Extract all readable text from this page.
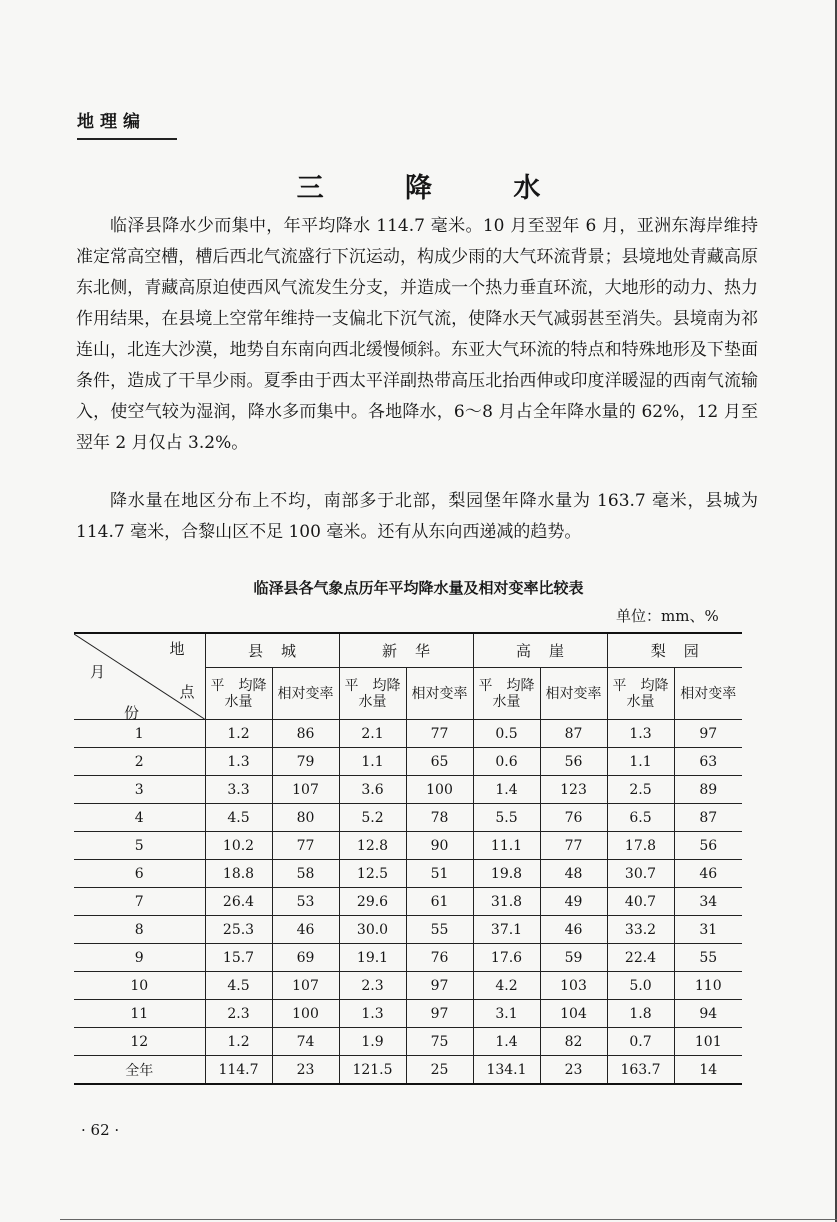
地理编
三 降 水

临泽县降水少而集中，年平均降水 114.7 毫米。10 月至翌年 6 月，亚洲东海岸维持准定常高空槽，槽后西北气流盛行下沉运动，构成少雨的大气环流背景；县境地处青藏高原东北侧，青藏高原迫使西风气流发生分支，并造成一个热力垂直环流，大地形的动力、热力作用结果，在县境上空常年维持一支偏北下沉气流，使降水天气减弱甚至消失。县境南为祁连山，北连大沙漠，地势自东南向西北缓慢倾斜。东亚大气环流的特点和特殊地形及下垫面条件，造成了干旱少雨。夏季由于西太平洋副热带高压北抬西伸或印度洋暖湿的西南气流输入，使空气较为湿润，降水多而集中。各地降水，6～8 月占全年降水量的 62%，12 月至翌年 2 月仅占 3.2%。

降水量在地区分布上不均，南部多于北部，梨园堡年降水量为 163.7 毫米，县城为 114.7 毫米，合黎山区不足 100 毫米。还有从东向西递减的趋势。

临泽县各气象点历年平均降水量及相对变率比较表
单位：mm、%
地
月
点
份	县城		新华		高崖		梨园	
	平　均降水量	相对变率	平　均降水量	相对变率	平　均降水量	相对变率	平　均降水量	相对变率
1	1.2	86	2.1	77	0.5	87	1.3	97
2	1.3	79	1.1	65	0.6	56	1.1	63
3	3.3	107	3.6	100	1.4	123	2.5	89
4	4.5	80	5.2	78	5.5	76	6.5	87
5	10.2	77	12.8	90	11.1	77	17.8	56
6	18.8	58	12.5	51	19.8	48	30.7	46
7	26.4	53	29.6	61	31.8	49	40.7	34
8	25.3	46	30.0	55	37.1	46	33.2	31
9	15.7	69	19.1	76	17.6	59	22.4	55
10	4.5	107	2.3	97	4.2	103	5.0	110
11	2.3	100	1.3	97	3.1	104	1.8	94
12	1.2	74	1.9	75	1.4	82	0.7	101
全年	114.7	23	121.5	25	134.1	23	163.7	14
· 62 ·
